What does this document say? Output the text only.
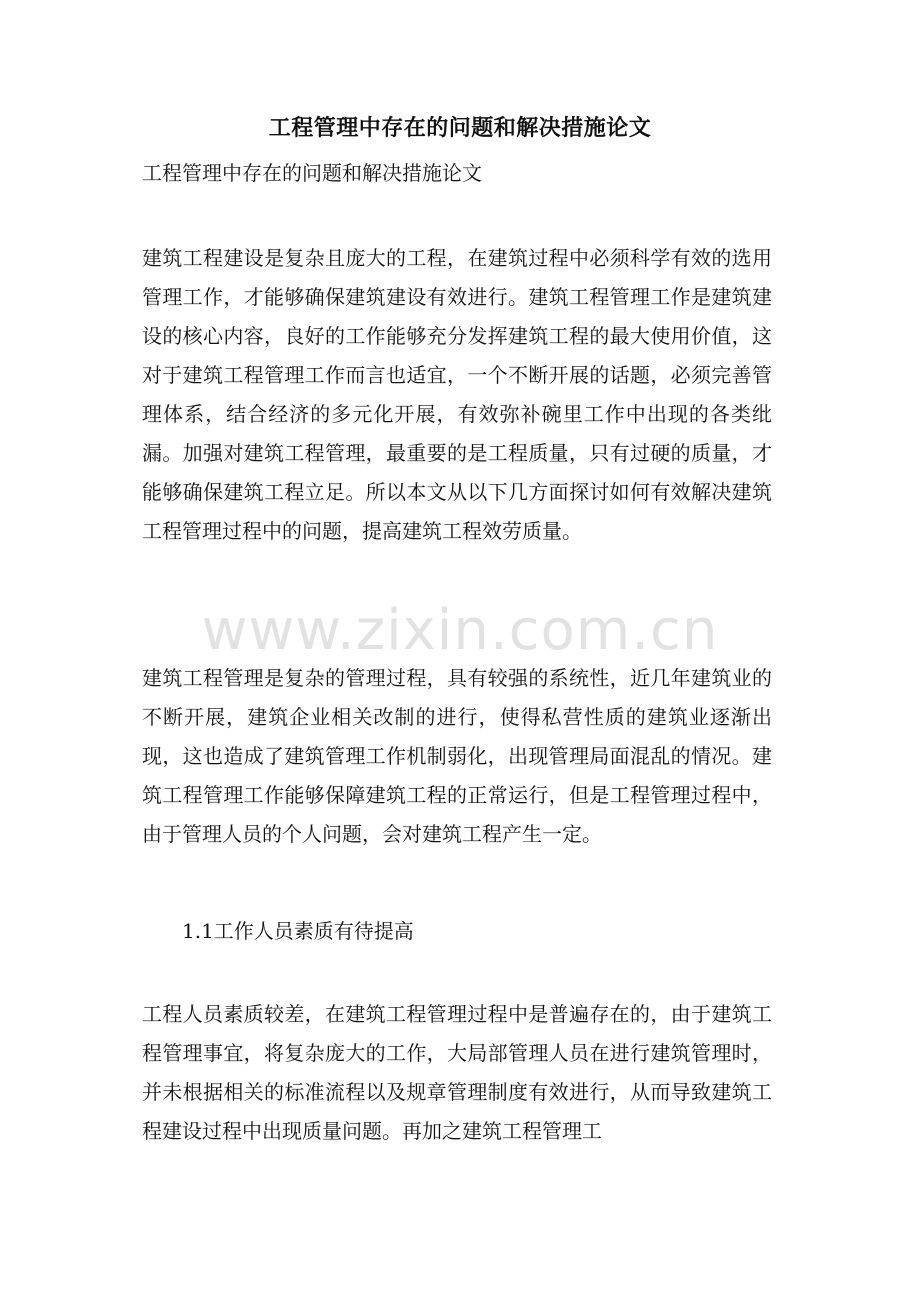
工程管理中存在的问题和解决措施论文
工程管理中存在的问题和解决措施论文
建筑工程建设是复杂且庞大的工程，在建筑过程中必须科学有效的选用管理工作，才能够确保建筑建设有效进行。建筑工程管理工作是建筑建设的核心内容，良好的工作能够充分发挥建筑工程的最大使用价值，这对于建筑工程管理工作而言也适宜，一个不断开展的话题，必须完善管理体系，结合经济的多元化开展，有效弥补碗里工作中出现的各类纰漏。加强对建筑工程管理，最重要的是工程质量，只有过硬的质量，才能够确保建筑工程立足。所以本文从以下几方面探讨如何有效解决建筑工程管理过程中的问题，提高建筑工程效劳质量。
www.zixin.com.cn
建筑工程管理是复杂的管理过程，具有较强的系统性，近几年建筑业的不断开展，建筑企业相关改制的进行，使得私营性质的建筑业逐渐出现，这也造成了建筑管理工作机制弱化，出现管理局面混乱的情况。建筑工程管理工作能够保障建筑工程的正常运行，但是工程管理过程中，由于管理人员的个人问题，会对建筑工程产生一定。
1.1工作人员素质有待提高
工程人员素质较差，在建筑工程管理过程中是普遍存在的，由于建筑工程管理事宜，将复杂庞大的工作，大局部管理人员在进行建筑管理时，并未根据相关的标准流程以及规章管理制度有效进行，从而导致建筑工程建设过程中出现质量问题。再加之建筑工程管理工
